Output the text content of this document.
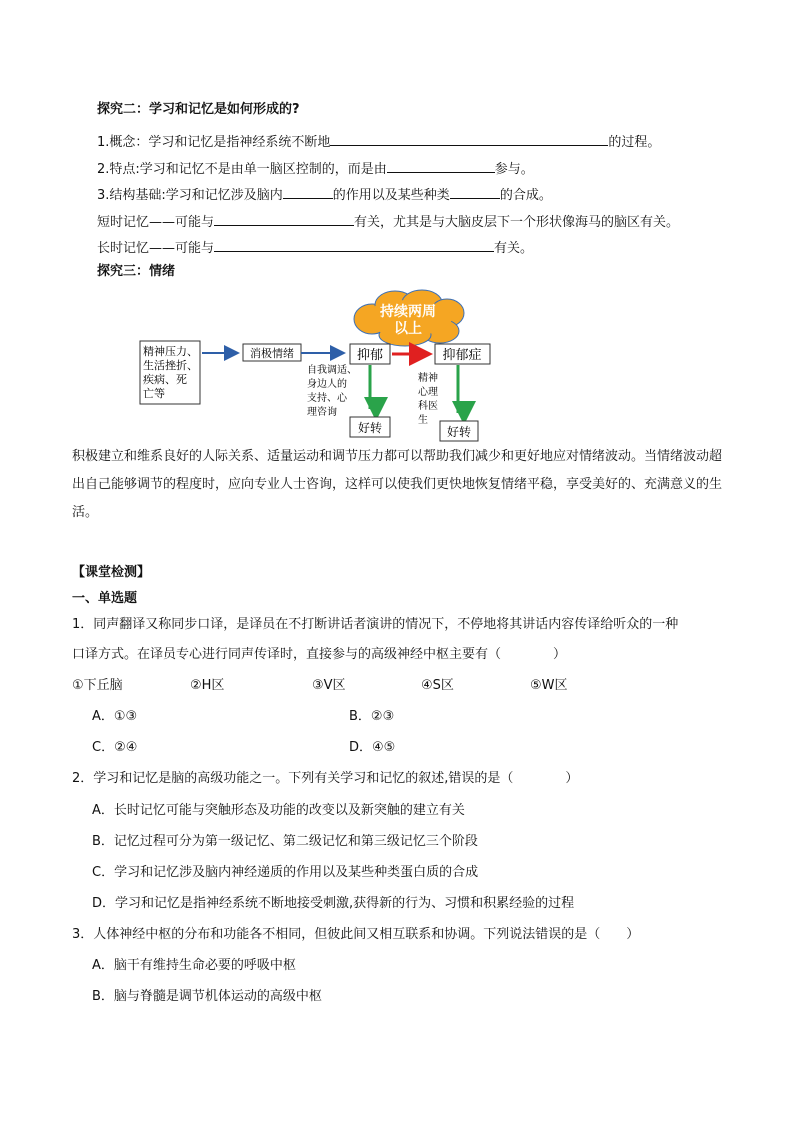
探究二：学习和记忆是如何形成的?
1.概念：学习和记忆是指神经系统不断地	的过程。
2.特点:学习和记忆不是由单一脑区控制的，而是由	参与。
3.结构基础:学习和记忆涉及脑内	的作用以及某些种类	的合成。
短时记忆——可能与	有关，尤其是与大脑皮层下一个形状像海马的脑区有关。
长时记忆——可能与	有关。
探究三：情绪
持续两周
以上
精神压力、
生活挫折、
疾病、死
亡等
消极情绪	抑郁	抑郁症
自我调适、
身边人的
支持、心
理咨询
精神
心理
科医
生
好转	好转
积极建立和维系良好的人际关系、适量运动和调节压力都可以帮助我们减少和更好地应对情绪波动。当情绪波动超出自己能够调节的程度时，应向专业人士咨询，这样可以使我们更快地恢复情绪平稳，享受美好的、充满意义的生活。
【课堂检测】
一、单选题
1．同声翻译又称同步口译，是译员在不打断讲话者演讲的情况下，不停地将其讲话内容传译给听众的一种
口译方式。在译员专心进行同声传译时，直接参与的高级神经中枢主要有（　　　　）
①下丘脑	②H区	③V区	④S区	⑤W区
A．①③	B．②③
C．②④	D．④⑤
2．学习和记忆是脑的高级功能之一。下列有关学习和记忆的叙述,错误的是（　　　　）
A．长时记忆可能与突触形态及功能的改变以及新突触的建立有关
B．记忆过程可分为第一级记忆、第二级记忆和第三级记忆三个阶段
C．学习和记忆涉及脑内神经递质的作用以及某些种类蛋白质的合成
D．学习和记忆是指神经系统不断地接受刺激,获得新的行为、习惯和积累经验的过程
3．人体神经中枢的分布和功能各不相同，但彼此间又相互联系和协调。下列说法错误的是（　　）
A．脑干有维持生命必要的呼吸中枢
B．脑与脊髓是调节机体运动的高级中枢
